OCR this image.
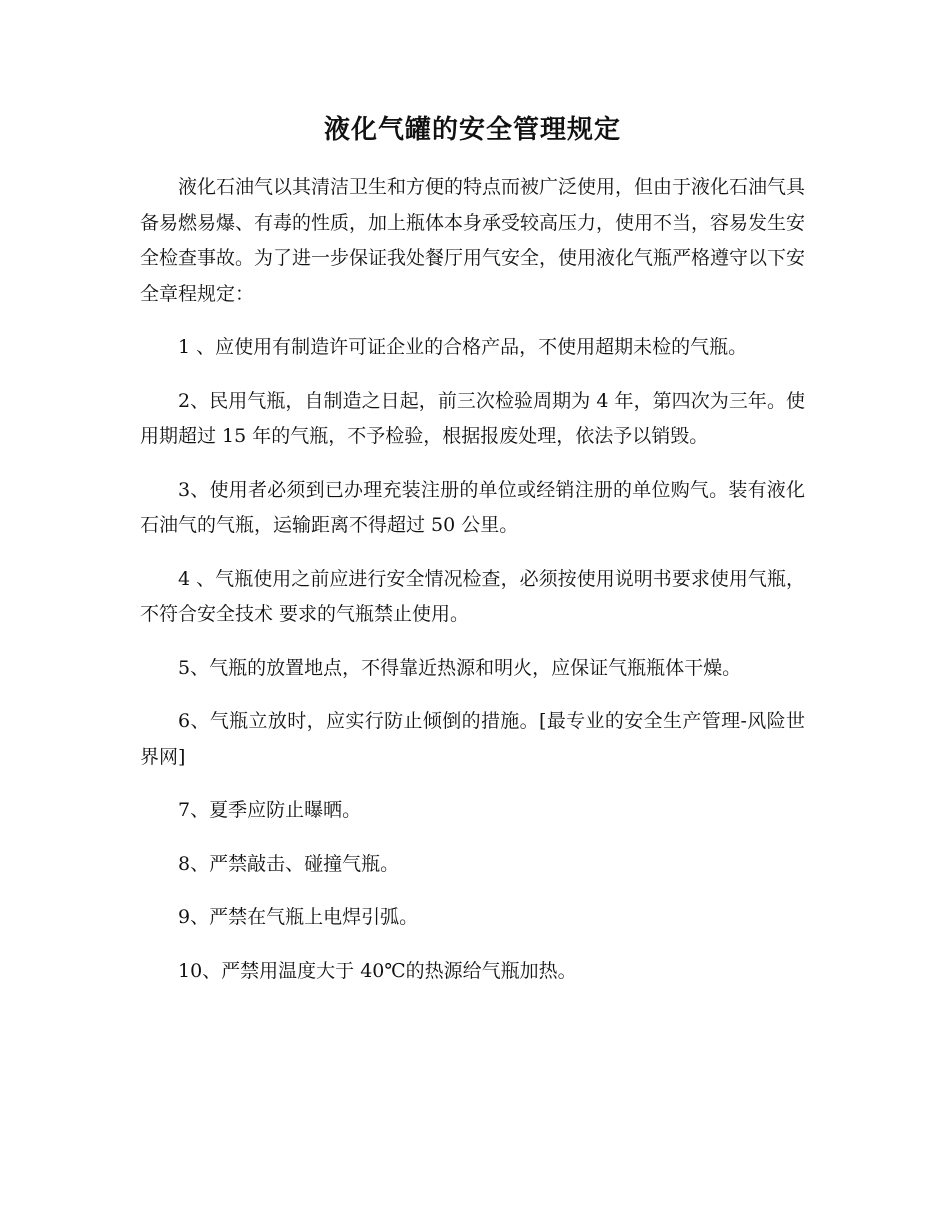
液化气罐的安全管理规定

液化石油气以其清洁卫生和方便的特点而被广泛使用，但由于液化石油气具备易燃易爆、有毒的性质，加上瓶体本身承受较高压力，使用不当，容易发生安全检查事故。为了进一步保证我处餐厅用气安全，使用液化气瓶严格遵守以下安全章程规定：

1 、应使用有制造许可证企业的合格产品，不使用超期未检的气瓶。

2、民用气瓶，自制造之日起，前三次检验周期为 4 年，第四次为三年。使用期超过 15 年的气瓶，不予检验，根据报废处理，依法予以销毁。

3、使用者必须到已办理充装注册的单位或经销注册的单位购气。装有液化石油气的气瓶，运输距离不得超过 50 公里。

4 、气瓶使用之前应进行安全情况检查，必须按使用说明书要求使用气瓶，不符合安全技术 要求的气瓶禁止使用。

5、气瓶的放置地点，不得靠近热源和明火，应保证气瓶瓶体干燥。

6、气瓶立放时，应实行防止倾倒的措施。[最专业的安全生产管理-风险世界网]

7、夏季应防止曝晒。

8、严禁敲击、碰撞气瓶。

9、严禁在气瓶上电焊引弧。

10、严禁用温度大于 40℃的热源给气瓶加热。
